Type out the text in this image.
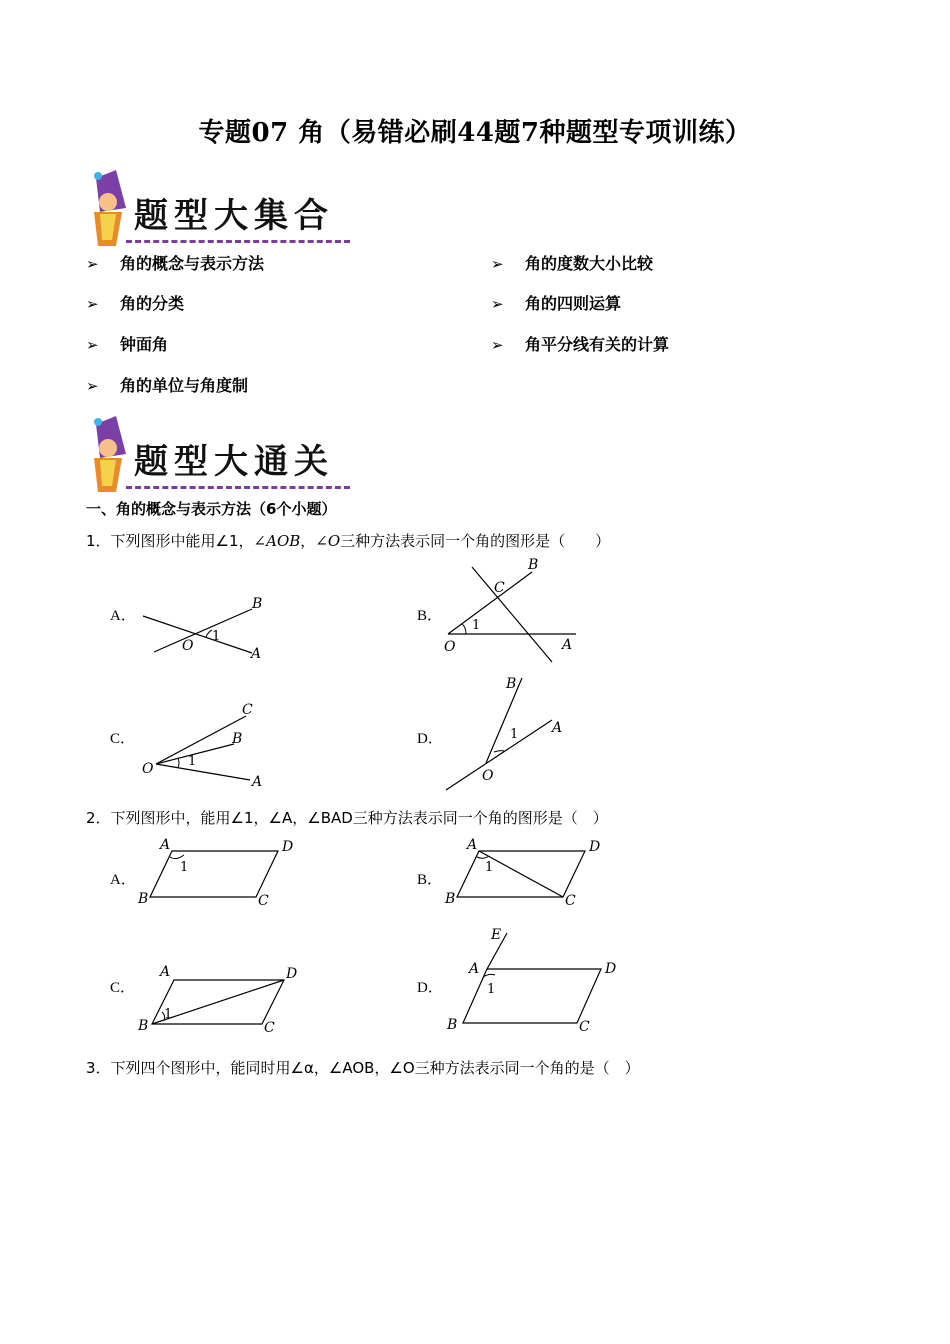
专题07 角（易错必刷44题7种题型专项训练）
题型大集合
➢ 角的概念与表示方法
➢ 角的分类
➢ 钟面角
➢ 角的单位与角度制
➢ 角的度数大小比较
➢ 角的四则运算
➢ 角平分线有关的计算
题型大通关
一、角的概念与表示方法（6个小题）
1．下列图形中能用∠1，∠AOB，∠O三种方法表示同一个角的图形是（　　）
A．	B．
C．	D．
B
A
O
1
B
C
A
O
1
C
B
A
O	1
B
A
O
1
2．下列图形中，能用∠1，∠A，∠BAD三种方法表示同一个角的图形是（　）
A．	B．
C．	D．
A	D
B	C
1
A	D
B	C
1
A	D
B	C
1
E
A	D
B	C
1
3．下列四个图形中，能同时用∠α，∠AOB，∠O三种方法表示同一个角的是（　）
